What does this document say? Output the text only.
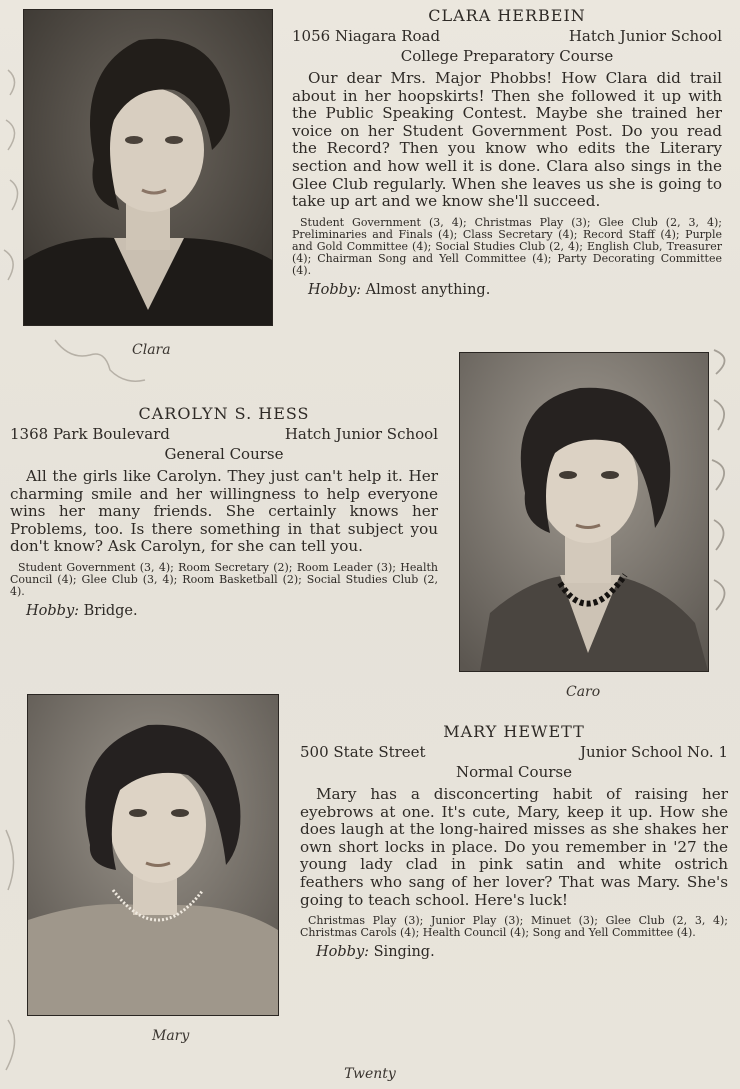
Clara
CLARA HERBEIN
1056 Niagara Road	Hatch Junior School
College Preparatory Course

Our dear Mrs. Major Phobbs! How Clara did trail about in her hoopskirts! Then she followed it up with the Public Speaking Contest. Maybe she trained her voice on her Student Government Post. Do you read the Record? Then you know who edits the Literary section and how well it is done. Clara also sings in the Glee Club regularly. When she leaves us she is going to take up art and we know she'll succeed.

Student Government (3, 4); Christmas Play (3); Glee Club (2, 3, 4); Preliminaries and Finals (4); Class Secretary (4); Record Staff (4); Purple and Gold Committee (4); Social Studies Club (2, 4); English Club, Treasurer (4); Chairman Song and Yell Committee (4); Party Decorating Committee (4).

Hobby: Almost anything.
CAROLYN S. HESS
1368 Park Boulevard	Hatch Junior School
General Course

All the girls like Carolyn. They just can't help it. Her charming smile and her willingness to help everyone wins her many friends. She certainly knows her Problems, too. Is there something in that subject you don't know? Ask Carolyn, for she can tell you.

Student Government (3, 4); Room Secretary (2); Room Leader (3); Health Council (4); Glee Club (3, 4); Room Basketball (2); Social Studies Club (2, 4).

Hobby: Bridge.
Caro
Mary
MARY HEWETT
500 State Street	Junior School No. 1
Normal Course

Mary has a disconcerting habit of raising her eyebrows at one. It's cute, Mary, keep it up. How she does laugh at the long-haired misses as she shakes her own short locks in place. Do you remember in '27 the young lady clad in pink satin and white ostrich feathers who sang of her lover? That was Mary. She's going to teach school. Here's luck!

Christmas Play (3); Junior Play (3); Minuet (3); Glee Club (2, 3, 4); Christmas Carols (4); Health Council (4); Song and Yell Committee (4).

Hobby: Singing.
Twenty
